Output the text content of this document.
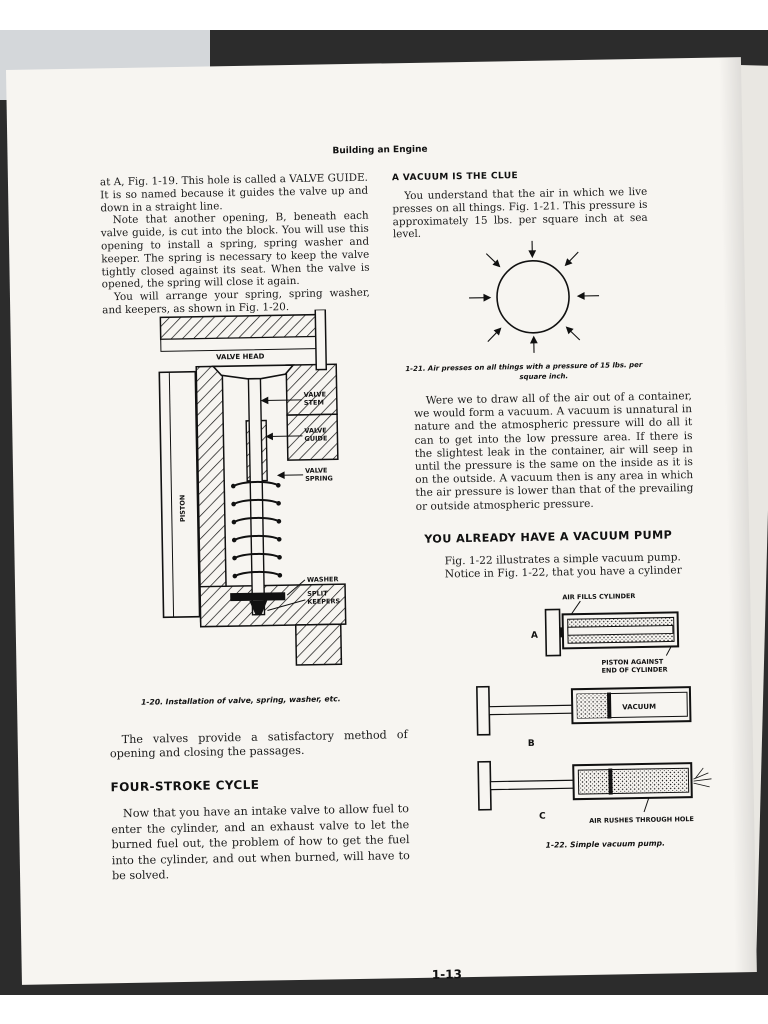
Building an Engine

at A, Fig. 1-19. This hole is called a VALVE GUIDE. It is so named because it guides the valve up and down in a straight line.

Note that another opening, B, beneath each valve guide, is cut into the block. You will use this opening to install a spring, spring washer and keeper. The spring is necessary to keep the valve tightly closed against its seat. When the valve is opened, the spring will close it again.

You will arrange your spring, spring washer, and keepers, as shown in Fig. 1-20.

VALVE HEAD
VALVE
STEM
VALVE
GUIDE
VALVE
SPRING
WASHER
SPLIT
KEEPERS
PISTON
1-20. Installation of valve, spring, washer, etc.

The valves provide a satisfactory method of opening and closing the passages.

FOUR-STROKE CYCLE

Now that you have an intake valve to allow fuel to enter the cylinder, and an exhaust valve to let the burned fuel out, the problem of how to get the fuel into the cylinder, and out when burned, will have to be solved.

A VACUUM IS THE CLUE

You understand that the air in which we live presses on all things. Fig. 1-21. This pressure is approximately 15 lbs. per square inch at sea level.

1-21. Air presses on all things with a pressure of 15 lbs. per
square inch.

Were we to draw all of the air out of a container, we would form a vacuum. A vacuum is unnatural in nature and the atmospheric pressure will do all it can to get into the low pressure area. If there is the slightest leak in the container, air will seep in until the pressure is the same on the inside as it is on the outside. A vacuum then is any area in which the air pressure is lower than that of the prevailing or outside atmospheric pressure.

YOU ALREADY HAVE A VACUUM PUMP

Fig. 1-22 illustrates a simple vacuum pump. Notice in Fig. 1-22, that you have a cylinder

AIR FILLS CYLINDER
A
PISTON AGAINST
END OF CYLINDER
VACUUM
B
C	AIR RUSHES THROUGH HOLE
1-22. Simple vacuum pump.
1-13
